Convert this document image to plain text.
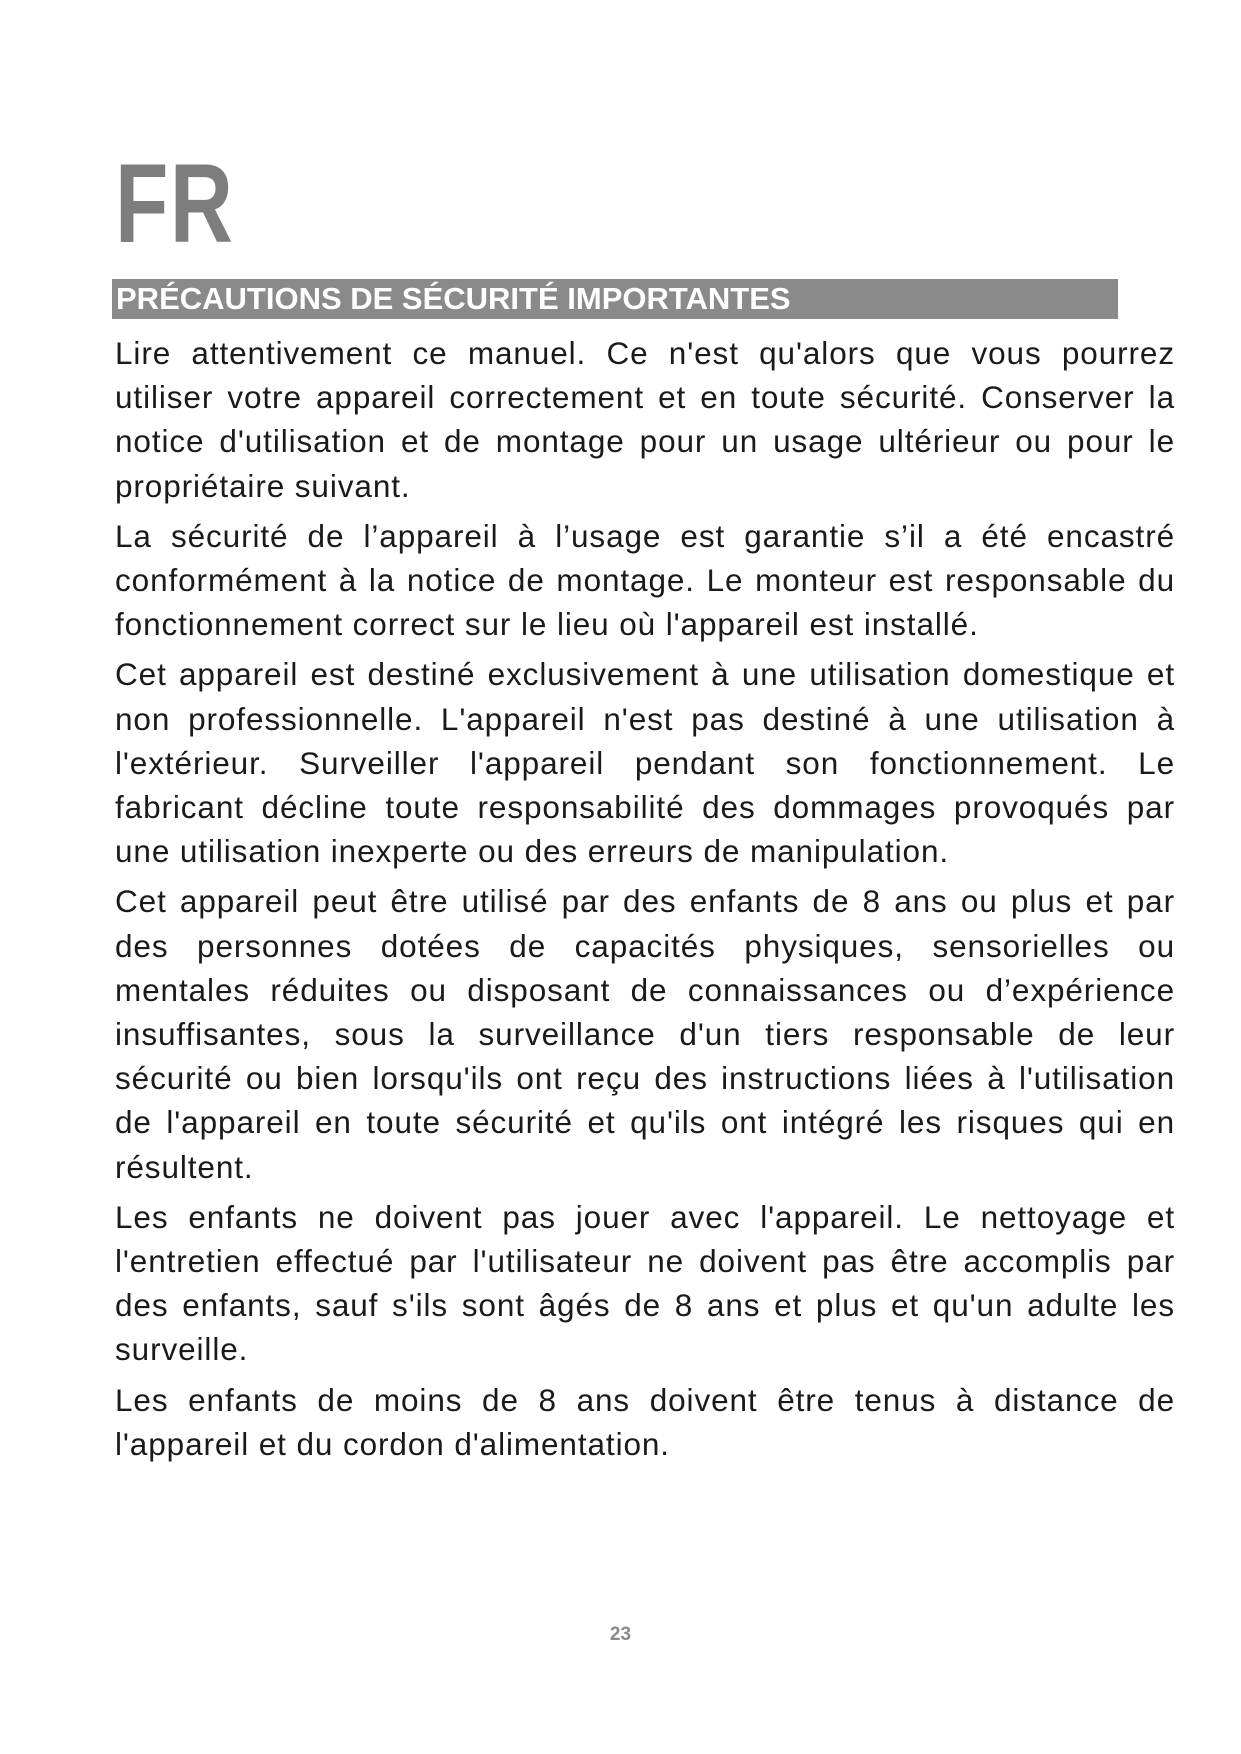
FR
PRÉCAUTIONS DE SÉCURITÉ IMPORTANTES

Lire attentivement ce manuel. Ce n'est qu'alors que vous pourrez utiliser votre appareil correctement et en toute sécurité. Conserver la notice d'utilisation et de montage pour un usage ultérieur ou pour le propriétaire suivant.

La sécurité de l’appareil à l’usage est garantie s’il a été encastré conformément à la notice de montage. Le monteur est responsable du fonctionnement correct sur le lieu où l'appareil est installé.

Cet appareil est destiné exclusivement à une utilisation domestique et non professionnelle. L'appareil n'est pas destiné à une utilisation à l'extérieur. Surveiller l'appareil pendant son fonctionnement. Le fabricant décline toute responsabilité des dommages provoqués par une utilisation inexperte ou des erreurs de manipulation.

Cet appareil peut être utilisé par des enfants de 8 ans ou plus et par des personnes dotées de capacités physiques, sensorielles ou mentales réduites ou disposant de connaissances ou d’expérience insuffisantes, sous la surveillance d'un tiers responsable de leur sécurité ou bien lorsqu'ils ont reçu des instructions liées à l'utilisation de l'appareil en toute sécurité et qu'ils ont intégré les risques qui en résultent.

Les enfants ne doivent pas jouer avec l'appareil. Le nettoyage et l'entretien effectué par l'utilisateur ne doivent pas être accomplis par des enfants, sauf s'ils sont âgés de 8 ans et plus et qu'un adulte les surveille.

Les enfants de moins de 8 ans doivent être tenus à distance de l'appareil et du cordon d'alimentation.

23
